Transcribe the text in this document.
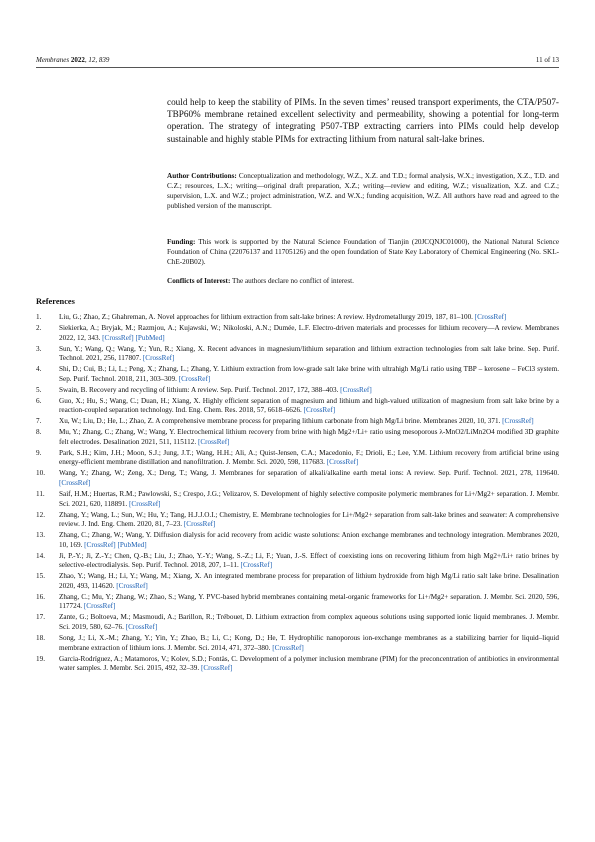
Membranes 2022, 12, 839	11 of 13
could help to keep the stability of PIMs. In the seven times’ reused transport experiments, the CTA/P507-TBP60% membrane retained excellent selectivity and permeability, showing a potential for long-term operation. The strategy of integrating P507-TBP extracting carriers into PIMs could help develop sustainable and highly stable PIMs for extracting lithium from natural salt-lake brines.
Author Contributions: Conceptualization and methodology, W.Z., X.Z. and T.D.; formal analysis, W.X.; investigation, X.Z., T.D. and C.Z.; resources, L.X.; writing—original draft preparation, X.Z.; writing—review and editing, W.Z.; visualization, X.Z. and C.Z.; supervision, L.X. and W.Z.; project administration, W.Z. and W.X.; funding acquisition, W.Z. All authors have read and agreed to the published version of the manuscript.
Funding: This work is supported by the Natural Science Foundation of Tianjin (20JCQNJC01000), the National Natural Science Foundation of China (22076137 and 11705126) and the open foundation of State Key Laboratory of Chemical Engineering (No. SKL-ChE-20B02).
Conflicts of Interest: The authors declare no conflict of interest.
References
1. Liu, G.; Zhao, Z.; Ghahreman, A. Novel approaches for lithium extraction from salt-lake brines: A review. Hydrometallurgy 2019, 187, 81–100. [CrossRef]
2. Siekierka, A.; Bryjak, M.; Razmjou, A.; Kujawski, W.; Nikoloski, A.N.; Dumée, L.F. Electro-driven materials and processes for lithium recovery—A review. Membranes 2022, 12, 343. [CrossRef] [PubMed]
3. Sun, Y.; Wang, Q.; Wang, Y.; Yun, R.; Xiang, X. Recent advances in magnesium/lithium separation and lithium extraction technologies from salt lake brine. Sep. Purif. Technol. 2021, 256, 117807. [CrossRef]
4. Shi, D.; Cui, B.; Li, L.; Peng, X.; Zhang, L.; Zhang, Y. Lithium extraction from low-grade salt lake brine with ultrahigh Mg/Li ratio using TBP – kerosene – FeCl3 system. Sep. Purif. Technol. 2018, 211, 303–309. [CrossRef]
5. Swain, B. Recovery and recycling of lithium: A review. Sep. Purif. Technol. 2017, 172, 388–403. [CrossRef]
6. Guo, X.; Hu, S.; Wang, C.; Duan, H.; Xiang, X. Highly efficient separation of magnesium and lithium and high-valued utilization of magnesium from salt lake brine by a reaction-coupled separation technology. Ind. Eng. Chem. Res. 2018, 57, 6618–6626. [CrossRef]
7. Xu, W.; Liu, D.; He, L.; Zhao, Z. A comprehensive membrane process for preparing lithium carbonate from high Mg/Li brine. Membranes 2020, 10, 371. [CrossRef]
8. Mu, Y.; Zhang, C.; Zhang, W.; Wang, Y. Electrochemical lithium recovery from brine with high Mg2+/Li+ ratio using mesoporous λ-MnO2/LiMn2O4 modified 3D graphite felt electrodes. Desalination 2021, 511, 115112. [CrossRef]
9. Park, S.H.; Kim, J.H.; Moon, S.J.; Jung, J.T.; Wang, H.H.; Ali, A.; Quist-Jensen, C.A.; Macedonio, F.; Drioli, E.; Lee, Y.M. Lithium recovery from artificial brine using energy-efficient membrane distillation and nanofiltration. J. Membr. Sci. 2020, 598, 117683. [CrossRef]
10. Wang, Y.; Zhang, W.; Zeng, X.; Deng, T.; Wang, J. Membranes for separation of alkali/alkaline earth metal ions: A review. Sep. Purif. Technol. 2021, 278, 119640. [CrossRef]
11. Saif, H.M.; Huertas, R.M.; Pawlowski, S.; Crespo, J.G.; Velizarov, S. Development of highly selective composite polymeric membranes for Li+/Mg2+ separation. J. Membr. Sci. 2021, 620, 118891. [CrossRef]
12. Zhang, Y.; Wang, L.; Sun, W.; Hu, Y.; Tang, H.J.J.O.I.; Chemistry, E. Membrane technologies for Li+/Mg2+ separation from salt-lake brines and seawater: A comprehensive review. J. Ind. Eng. Chem. 2020, 81, 7–23. [CrossRef]
13. Zhang, C.; Zhang, W.; Wang, Y. Diffusion dialysis for acid recovery from acidic waste solutions: Anion exchange membranes and technology integration. Membranes 2020, 10, 169. [CrossRef] [PubMed]
14. Ji, P.-Y.; Ji, Z.-Y.; Chen, Q.-B.; Liu, J.; Zhao, Y.-Y.; Wang, S.-Z.; Li, F.; Yuan, J.-S. Effect of coexisting ions on recovering lithium from high Mg2+/Li+ ratio brines by selective-electrodialysis. Sep. Purif. Technol. 2018, 207, 1–11. [CrossRef]
15. Zhao, Y.; Wang, H.; Li, Y.; Wang, M.; Xiang, X. An integrated membrane process for preparation of lithium hydroxide from high Mg/Li ratio salt lake brine. Desalination 2020, 493, 114620. [CrossRef]
16. Zhang, C.; Mu, Y.; Zhang, W.; Zhao, S.; Wang, Y. PVC-based hybrid membranes containing metal-organic frameworks for Li+/Mg2+ separation. J. Membr. Sci. 2020, 596, 117724. [CrossRef]
17. Zante, G.; Boltoeva, M.; Masmoudi, A.; Barillon, R.; Trébouet, D. Lithium extraction from complex aqueous solutions using supported ionic liquid membranes. J. Membr. Sci. 2019, 580, 62–76. [CrossRef]
18. Song, J.; Li, X.-M.; Zhang, Y.; Yin, Y.; Zhao, B.; Li, C.; Kong, D.; He, T. Hydrophilic nanoporous ion-exchange membranes as a stabilizing barrier for liquid–liquid membrane extraction of lithium ions. J. Membr. Sci. 2014, 471, 372–380. [CrossRef]
19. Garcia-Rodríguez, A.; Matamoros, V.; Kolev, S.D.; Fontàs, C. Development of a polymer inclusion membrane (PIM) for the preconcentration of antibiotics in environmental water samples. J. Membr. Sci. 2015, 492, 32–39. [CrossRef]
